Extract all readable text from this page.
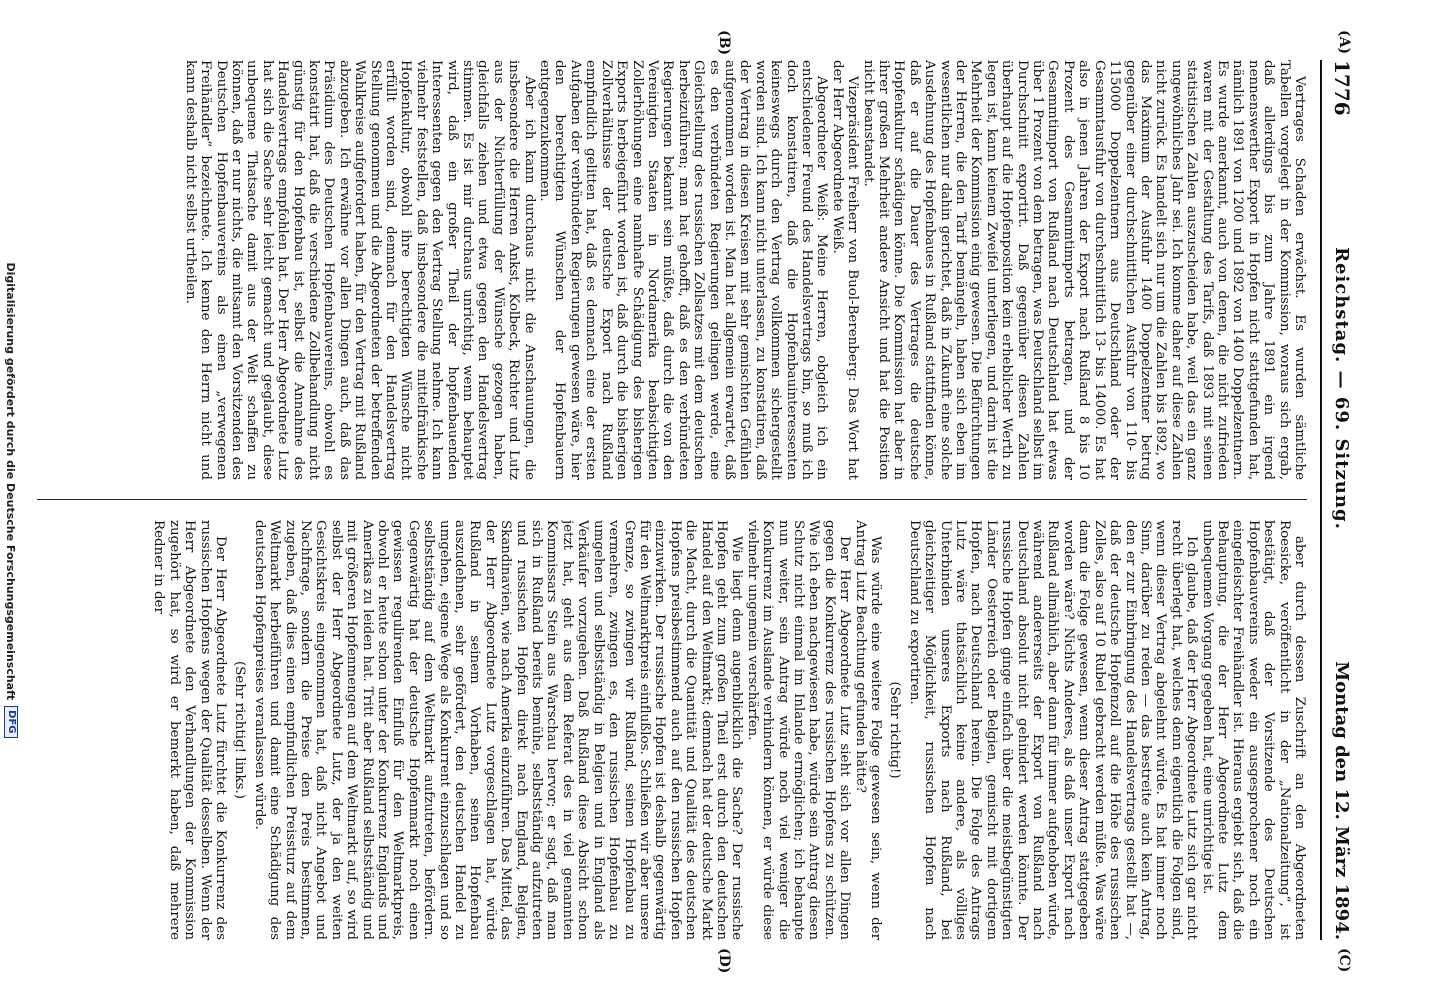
1776
Reichstag. — 69. Sitzung.
Montag den 12. März 1894.
(A)
(B)
(C)
(D)

Vertrages Schaden erwächst. Es wurden sämtliche Tabellen vorgelegt in der Kommission, woraus sich ergab, daß allerdings bis zum Jahre 1891 ein irgend nennenswerther Export in Hopfen nicht stattgefunden hat, nämlich 1891 von 1200 und 1892 von 1400 Doppelzentnern. Es wurde anerkannt, auch von denen, die nicht zufrieden waren mit der Gestaltung des Tarifs, daß 1893 mit seinen statistischen Zahlen auszuscheiden habe, weil das ein ganz ungewöhnliches Jahr sei. Ich komme daher auf diese Zahlen nicht zurück. Es handelt sich nur um die Zahlen bis 1892, wo das Maximum der Ausfuhr 1400 Doppelzentner betrug gegenüber einer durchschnittlichen Ausfuhr von 110- bis 115000 Doppelzentnern aus Deutschland oder der Gesammtausfuhr von durchschnittlich 13- bis 14000. Es hat also in jenen Jahren der Export nach Rußland 8 bis 10 Prozent des Gesammtimports betragen, und der Gesammtimport von Rußland nach Deutschland hat etwas über 1 Prozent von dem betragen, was Deutschland selbst im Durchschnitt exportirt. Daß gegenüber diesen Zahlen überhaupt auf die Hopfenposition kein erheblicher Werth zu legen ist, kann keinem Zweifel unterliegen, und darin ist die Mehrheit der Kommission einig gewesen. Die Befürchtungen der Herren, die den Tarif bemängeln, haben sich eben im wesentlichen nur dahin gerichtet, daß in Zukunft eine solche Ausdehnung des Hopfenbaues in Rußland stattfinden könne, daß er auf die Dauer des Vertrages die deutsche Hopfenkultur schädigen könne. Die Kommission hat aber in ihrer großen Mehrheit andere Ansicht und hat die Position nicht beanstandet.

Vizepräsident Freiherr von Buol-Berenberg: Das Wort hat der Herr Abgeordnete Weiß.

Abgeordneter Weiß: Meine Herren, obgleich ich ein entschiedener Freund des Handelsvertrags bin, so muß ich doch konstatiren, daß die Hopfenbauinteressenten keineswegs durch den Vertrag vollkommen sichergestellt worden sind. Ich kann nicht unterlassen, zu konstatiren, daß der Vertrag in diesen Kreisen mit sehr gemischten Gefühlen aufgenommen worden ist. Man hat allgemein erwartet, daß es den verbündeten Regierungen gelingen werde, eine Gleichstellung des russischen Zollsatzes mit dem deutschen herbeizuführen; man hat gehofft, daß es den verbündeten Regierungen bekannt sein müßte, daß durch die von den Vereinigten Staaten in Nordamerika beabsichtigten Zollerhöhungen eine namhafte Schädigung des bisherigen Exports herbeigeführt worden ist, daß durch die bisherigen Zollverhältnisse der deutsche Export nach Rußland empfindlich gelitten hat, daß es demnach eine der ersten Aufgaben der verbündeten Regierungen gewesen wäre, hier den berechtigten Wünschen der Hopfenbauern entgegenzukommen.

Aber ich kann durchaus nicht die Anschauungen, die insbesondere die Herren Ankst, Kolbeck, Richter und Lutz aus der Nichterfüllung der Wünsche gezogen haben, gleichfalls ziehen und etwa gegen den Handelsvertrag stimmen. Es ist mir durchaus unrichtig, wenn behauptet wird, daß ein großer Theil der hopfenbauenden Interessenten gegen den Vertrag Stellung nehme. Ich kann vielmehr feststellen, daß insbesondere die mittelfränkische Hopfenkultur, obwohl ihre berechtigten Wünsche nicht erfüllt worden sind, demnach für den Handelsvertrag Stellung genommen und die Abgeordneten der betreffenden Wahlkreise aufgefordert haben, für den Vertrag mit Rußland abzugeben. Ich erwähne vor allen Dingen auch, daß das Präsidium des Deutschen Hopfenbauvereins, obwohl es konstatirt hat, daß die verschiedene Zollbehandlung nicht günstig für den Hopfenbau ist, selbst die Annahme des Handelsvertrags empfohlen hat. Der Herr Abgeordnete Lutz hat sich die Sache sehr leicht gemacht und geglaubt, diese unbequeme Thatsache damit aus der Welt schaffen zu können, daß er nur nichts, die mitsamt den Vorsitzenden des Deutschen Hopfenbauvereins als einen „verwegenen Freihändler“ bezeichnete. Ich kenne den Herrn nicht und kann deshalb nicht selbst urtheilen.

aber durch dessen Zuschrift an den Abgeordneten Roesicke, veröffentlicht in der „Nationalzeitung“, ist bestätigt, daß der Vorsitzende des Deutschen Hopfenbauvereins weder ein ausgesprochener noch ein eingefleischter Freihändler ist. Hieraus ergiebt sich, daß die Behauptung, die der Herr Abgeordnete Lutz dem unbequemen Vorgang gegeben hat, eine unrichtige ist.

Ich glaube, daß der Herr Abgeordnete Lutz sich gar nicht recht überlegt hat, welches denn eigentlich die Folgen sind, wenn dieser Vertrag abgelehnt würde. Es hat immer noch Sinn, darüber zu reden — das bestreite auch kein Antrag, den er zur Einbringung des Handelsvertrags gestellt hat —, daß der deutsche Hopfenzoll auf die Höhe des russischen Zolles, also auf 10 Rubel gebracht werden müßte. Was wäre dann die Folge gewesen, wenn dieser Antrag stattgegeben worden wäre? Nichts Anderes, als daß unser Export nach Rußland allmählich, aber dann für immer aufgehoben würde, während andererseits der Export von Rußland nach Deutschland absolut nicht gehindert werden könnte. Der russische Hopfen ginge einfach über die meistbegünstigten Länder Oesterreich oder Belgien, gemischt mit dortigem Hopfen, nach Deutschland herein. Die Folge des Antrags Lutz wäre thatsächlich keine andere, als völliges Unterbinden unseres Exports nach Rußland, bei gleichzeitiger Möglichkeit, russischen Hopfen nach Deutschland zu exportiren.

(Sehr richtig!)

Was würde eine weitere Folge gewesen sein, wenn der Antrag Lutz Beachtung gefunden hätte?

Der Herr Abgeordnete Lutz sieht sich vor allen Dingen gegen die Konkurrenz des russischen Hopfens zu schützen. Wie ich eben nachgewiesen habe, würde sein Antrag diesen Schutz nicht einmal im Inlande ermöglichen; ich behaupte nun weiter, sein Antrag würde noch viel weniger die Konkurrenz im Auslande verhindern können, er würde diese vielmehr ungemein verschärfen.

Wie liegt denn augenblicklich die Sache? Der russische Hopfen geht zum großen Theil erst durch den deutschen Handel auf den Weltmarkt; demnach hat der deutsche Markt die Macht, durch die Quantität und Qualität des deutschen Hopfens preisbestimmend auch auf den russischen Hopfen einzuwirken. Der russische Hopfen ist deshalb gegenwärtig für den Weltmarktpreis einflußlos. Schließen wir aber unsere Grenze, so zwingen wir Rußland, seinen Hopfenbau zu vermehren, zwingen es, den russischen Hopfenbau zu umgehen und selbstständig in Belgien und in England als Verkäufer vorzugehen. Daß Rußland diese Absicht schon jetzt hat, geht aus dem Referat des in viel genannten Kommissars Stein aus Warschau hervor; er sagt, daß man sich in Rußland bereits bemühe, selbstständig aufzutreten und russischen Hopfen direkt nach England, Belgien, Skandinavien, wie nach Amerika einzuführen. Das Mittel, das der Herr Abgeordnete Lutz vorgeschlagen hat, würde Rußland in seinem Vorhaben, seinen Hopfenbau auszudehnen, sehr gefördert, den deutschen Handel zu umgehen, eigene Wege als Konkurrent einzuschlagen und so selbstständig auf dem Weltmarkt aufzutreten, befördern. Gegenwärtig hat der deutsche Hopfenmarkt noch einen gewissen regulirenden Einfluß für den Weltmarktpreis, obwohl er heute schon unter der Konkurrenz Englands und Amerikas zu leiden hat. Tritt aber Rußland selbstständig und mit größeren Hopfenmengen auf dem Weltmarkt auf, so wird selbst der Herr Abgeordnete Lutz, der ja den weiten Gesichtskreis eingenommen hat, daß nicht Angebot und Nachfrage, sondern die Preise den Preis bestimmen, zugeben, daß dies einen empfindlichen Preissturz auf dem Weltmarkt herbeiführen und damit eine Schädigung des deutschen Hopfenpreises veranlassen würde.

(Sehr richtig! links.)

Der Herr Abgeordnete Lutz fürchtet die Konkurrenz des russischen Hopfens wegen der Qualität desselben. Wenn der Herr Abgeordnete den Verhandlungen der Kommission zugehört hat, so wird er bemerkt haben, daß mehrere Redner in der

Digitalisierung gefördert durch die Deutsche Forschungsgemeinschaft
DFG
